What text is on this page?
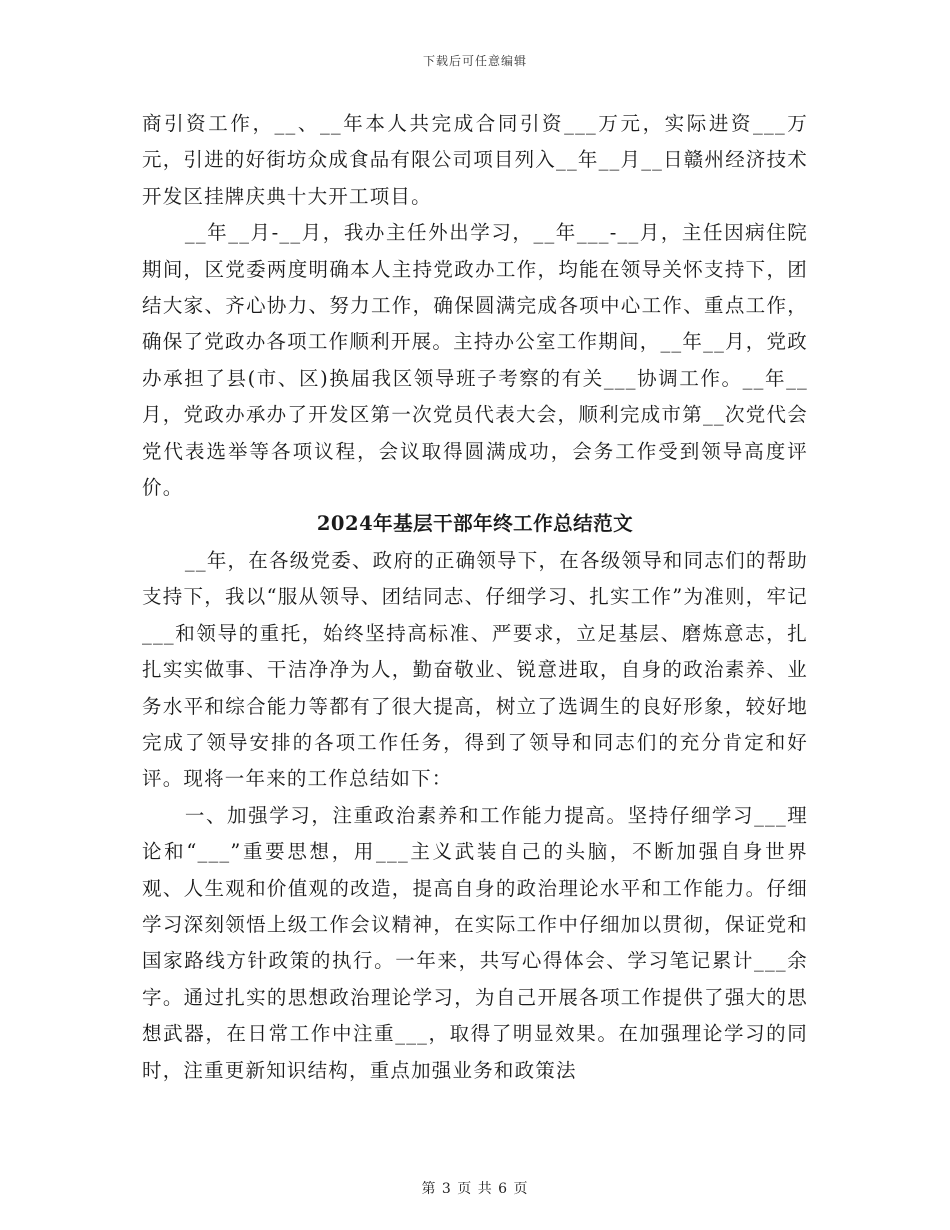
下载后可任意编辑

商引资工作，__、__年本人共完成合同引资___万元，实际进资___万元，引进的好街坊众成食品有限公司项目列入__年__月__日赣州经济技术开发区挂牌庆典十大开工项目。

__年__月-__月，我办主任外出学习，__年___-__月，主任因病住院期间，区党委两度明确本人主持党政办工作，均能在领导关怀支持下，团结大家、齐心协力、努力工作，确保圆满完成各项中心工作、重点工作，确保了党政办各项工作顺利开展。主持办公室工作期间，__年__月，党政办承担了县(市、区)换届我区领导班子考察的有关___协调工作。__年__月，党政办承办了开发区第一次党员代表大会，顺利完成市第__次党代会党代表选举等各项议程，会议取得圆满成功，会务工作受到领导高度评价。

2024年基层干部年终工作总结范文

__年，在各级党委、政府的正确领导下，在各级领导和同志们的帮助支持下，我以“服从领导、团结同志、仔细学习、扎实工作”为准则，牢记___和领导的重托，始终坚持高标准、严要求，立足基层、磨炼意志，扎扎实实做事、干洁净净为人，勤奋敬业、锐意进取，自身的政治素养、业务水平和综合能力等都有了很大提高，树立了选调生的良好形象，较好地完成了领导安排的各项工作任务，得到了领导和同志们的充分肯定和好评。现将一年来的工作总结如下：

一、加强学习，注重政治素养和工作能力提高。坚持仔细学习___理论和“___”重要思想，用___主义武装自己的头脑，不断加强自身世界观、人生观和价值观的改造，提高自身的政治理论水平和工作能力。仔细学习深刻领悟上级工作会议精神，在实际工作中仔细加以贯彻，保证党和国家路线方针政策的执行。一年来，共写心得体会、学习笔记累计___余字。通过扎实的思想政治理论学习，为自己开展各项工作提供了强大的思想武器，在日常工作中注重___，取得了明显效果。在加强理论学习的同时，注重更新知识结构，重点加强业务和政策法

第 3 页 共 6 页
